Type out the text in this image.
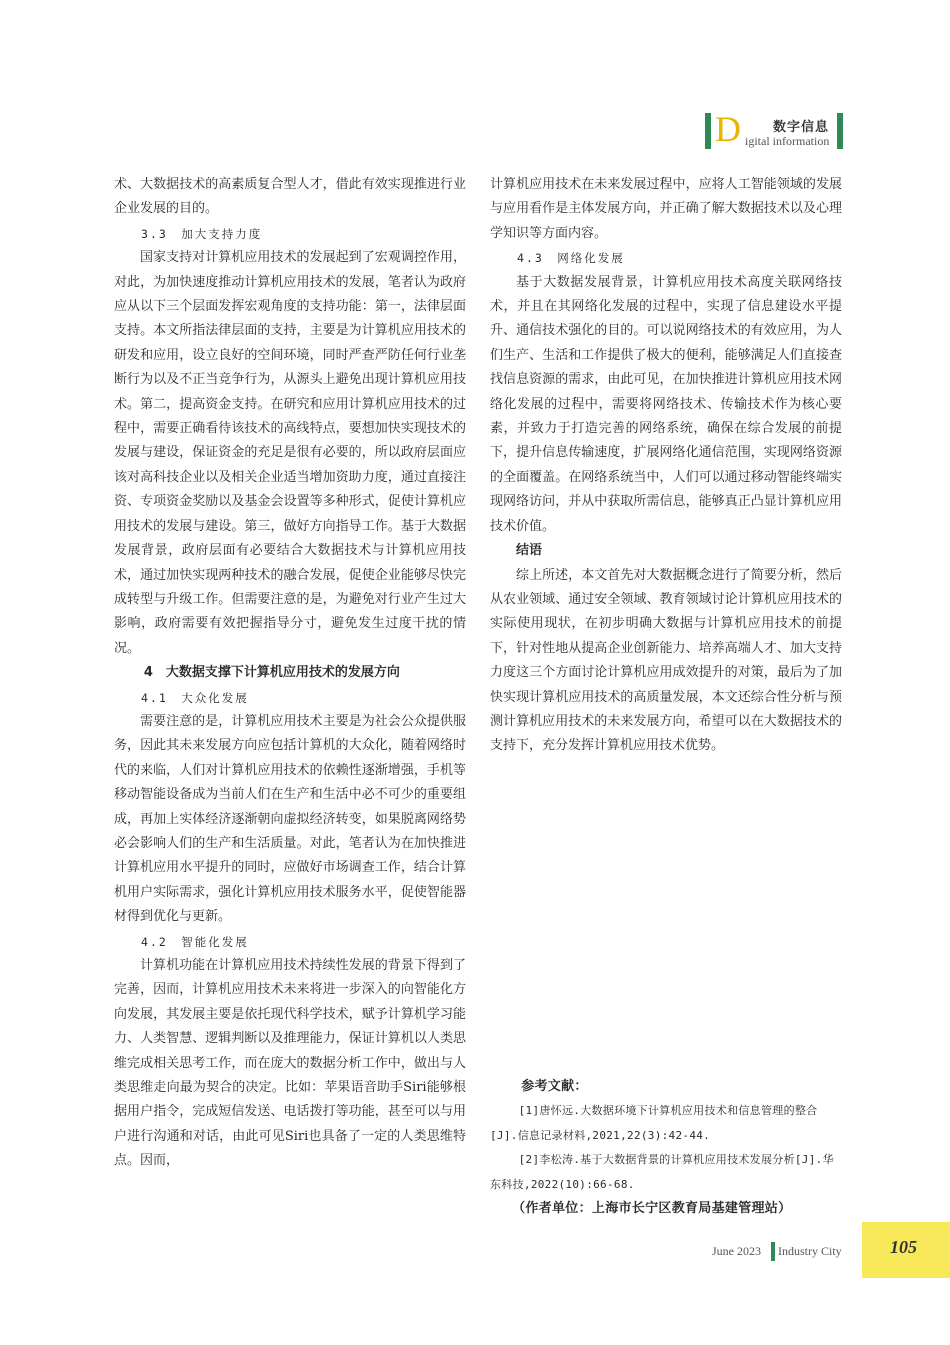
D 数字信息
igital information

术、大数据技术的高素质复合型人才，借此有效实现推进行业企业发展的目的。

3.3　加大支持力度

国家支持对计算机应用技术的发展起到了宏观调控作用，对此，为加快速度推动计算机应用技术的发展，笔者认为政府应从以下三个层面发挥宏观角度的支持功能：第一，法律层面支持。本文所指法律层面的支持，主要是为计算机应用技术的研发和应用，设立良好的空间环境，同时严查严防任何行业垄断行为以及不正当竞争行为，从源头上避免出现计算机应用技术。第二，提高资金支持。在研究和应用计算机应用技术的过程中，需要正确看待该技术的高线特点，要想加快实现技术的发展与建设，保证资金的充足是很有必要的，所以政府层面应该对高科技企业以及相关企业适当增加资助力度，通过直接注资、专项资金奖励以及基金会设置等多种形式，促使计算机应用技术的发展与建设。第三，做好方向指导工作。基于大数据发展背景，政府层面有必要结合大数据技术与计算机应用技术，通过加快实现两种技术的融合发展，促使企业能够尽快完成转型与升级工作。但需要注意的是，为避免对行业产生过大影响，政府需要有效把握指导分寸，避免发生过度干扰的情况。

4　大数据支撑下计算机应用技术的发展方向

4.1　大众化发展

需要注意的是，计算机应用技术主要是为社会公众提供服务，因此其未来发展方向应包括计算机的大众化，随着网络时代的来临，人们对计算机应用技术的依赖性逐渐增强，手机等移动智能设备成为当前人们在生产和生活中必不可少的重要组成，再加上实体经济逐渐朝向虚拟经济转变，如果脱离网络势必会影响人们的生产和生活质量。对此，笔者认为在加快推进计算机应用水平提升的同时，应做好市场调查工作，结合计算机用户实际需求，强化计算机应用技术服务水平，促使智能器材得到优化与更新。

4.2　智能化发展

计算机功能在计算机应用技术持续性发展的背景下得到了完善，因而，计算机应用技术未来将进一步深入的向智能化方向发展，其发展主要是依托现代科学技术，赋予计算机学习能力、人类智慧、逻辑判断以及推理能力，保证计算机以人类思维完成相关思考工作，而在庞大的数据分析工作中，做出与人类思维走向最为契合的决定。比如：苹果语音助手Siri能够根据用户指令，完成短信发送、电话拨打等功能，甚至可以与用户进行沟通和对话，由此可见Siri也具备了一定的人类思维特点。因而，

计算机应用技术在未来发展过程中，应将人工智能领域的发展与应用看作是主体发展方向，并正确了解大数据技术以及心理学知识等方面内容。

4.3　网络化发展

基于大数据发展背景，计算机应用技术高度关联网络技术，并且在其网络化发展的过程中，实现了信息建设水平提升、通信技术强化的目的。可以说网络技术的有效应用，为人们生产、生活和工作提供了极大的便利，能够满足人们直接查找信息资源的需求，由此可见，在加快推进计算机应用技术网络化发展的过程中，需要将网络技术、传输技术作为核心要素，并致力于打造完善的网络系统，确保在综合发展的前提下，提升信息传输速度，扩展网络化通信范围，实现网络资源的全面覆盖。在网络系统当中，人们可以通过移动智能终端实现网络访问，并从中获取所需信息，能够真正凸显计算机应用技术价值。

结语

综上所述，本文首先对大数据概念进行了简要分析，然后从农业领域、通过安全领域、教育领域讨论计算机应用技术的实际使用现状，在初步明确大数据与计算机应用技术的前提下，针对性地从提高企业创新能力、培养高端人才、加大支持力度这三个方面讨论计算机应用成效提升的对策，最后为了加快实现计算机应用技术的高质量发展，本文还综合性分析与预测计算机应用技术的未来发展方向，希望可以在大数据技术的支持下，充分发挥计算机应用技术优势。

参考文献：

[1]唐怀远.大数据环境下计算机应用技术和信息管理的整合[J].信息记录材料,2021,22(3):42-44.

[2]李松涛.基于大数据背景的计算机应用技术发展分析[J].华东科技,2022(10):66-68.

（作者单位：上海市长宁区教育局基建管理站）

June 2023 Industry City	105
